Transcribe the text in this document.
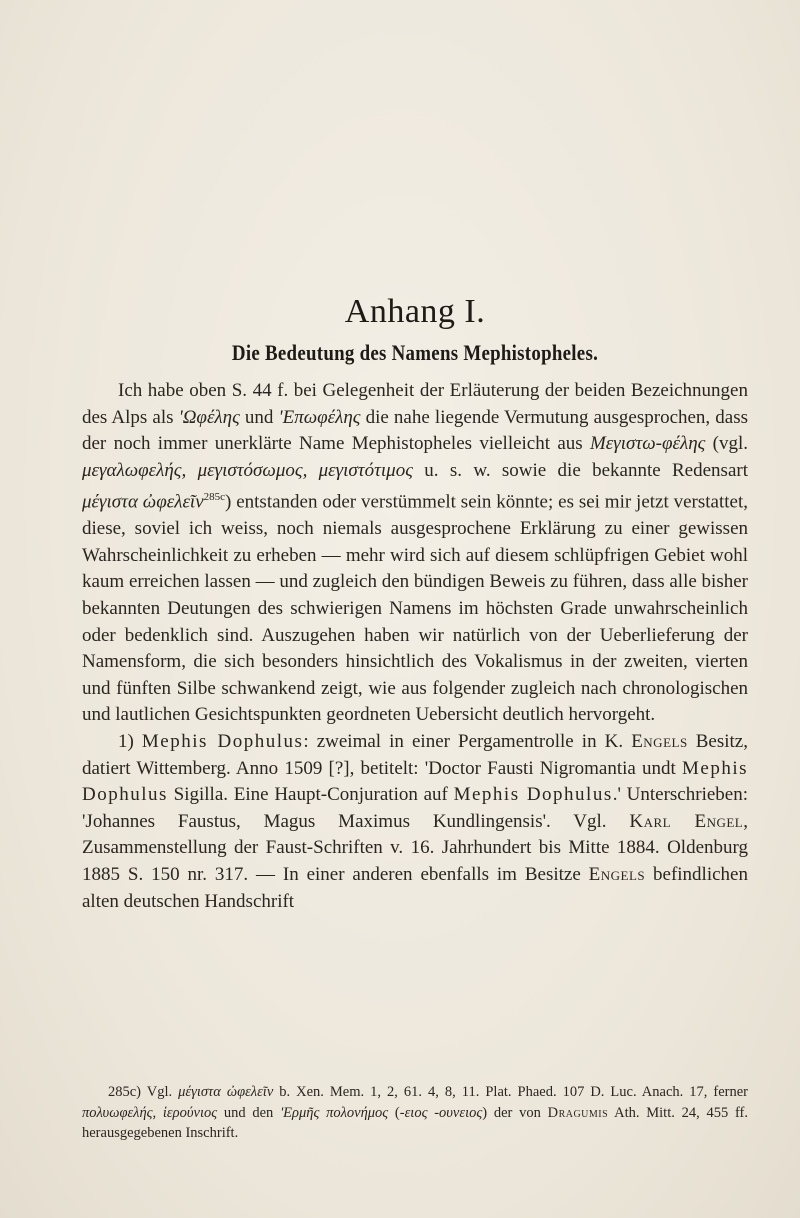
Anhang I.
Die Bedeutung des Namens Mephistopheles.

Ich habe oben S. 44 f. bei Gelegenheit der Erläuterung der beiden Bezeichnungen des Alps als 'Ωφέλης und 'Επωφέλης die nahe liegende Vermutung ausgesprochen, dass der noch immer unerklärte Name Mephistopheles vielleicht aus Μεγιστω-φέλης (vgl. μεγαλωφελής, μεγιστόσωμος, μεγιστότιμος u. s. w. sowie die bekannte Redensart μέγιστα ὠφελεῖν$^{285c}$) entstanden oder verstümmelt sein könnte; es sei mir jetzt verstattet, diese, soviel ich weiss, noch niemals ausgesprochene Erklärung zu einer gewissen Wahrscheinlichkeit zu erheben — mehr wird sich auf diesem schlüpfrigen Gebiet wohl kaum erreichen lassen — und zugleich den bündigen Beweis zu führen, dass alle bisher bekannten Deutungen des schwierigen Namens im höchsten Grade unwahrscheinlich oder bedenklich sind. Auszugehen haben wir natürlich von der Ueberlieferung der Namensform, die sich besonders hinsichtlich des Vokalismus in der zweiten, vierten und fünften Silbe schwankend zeigt, wie aus folgender zugleich nach chronologischen und lautlichen Gesichtspunkten geordneten Uebersicht deutlich hervorgeht.

1) Mephis Dophulus: zweimal in einer Pergamentrolle in K. Engels Besitz, datiert Wittemberg. Anno 1509 [?], betitelt: 'Doctor Fausti Nigromantia undt Mephis Dophulus Sigilla. Eine Haupt-Conjuration auf Mephis Dophulus.' Unterschrieben: 'Johannes Faustus, Magus Maximus Kundlingensis'. Vgl. Karl Engel, Zusammenstellung der Faust-Schriften v. 16. Jahrhundert bis Mitte 1884. Oldenburg 1885 S. 150 nr. 317. — In einer anderen ebenfalls im Besitze Engels befindlichen alten deutschen Handschrift

285c) Vgl. μέγιστα ὠφελεῖν b. Xen. Mem. 1, 2, 61. 4, 8, 11. Plat. Phaed. 107 D. Luc. Anach. 17, ferner πολυωφελής, ἱερούνιος und den 'Ερμῆς πολονήμος (-ειος -ουνειος) der von Dragumis Ath. Mitt. 24, 455 ff. herausgegebenen Inschrift.
